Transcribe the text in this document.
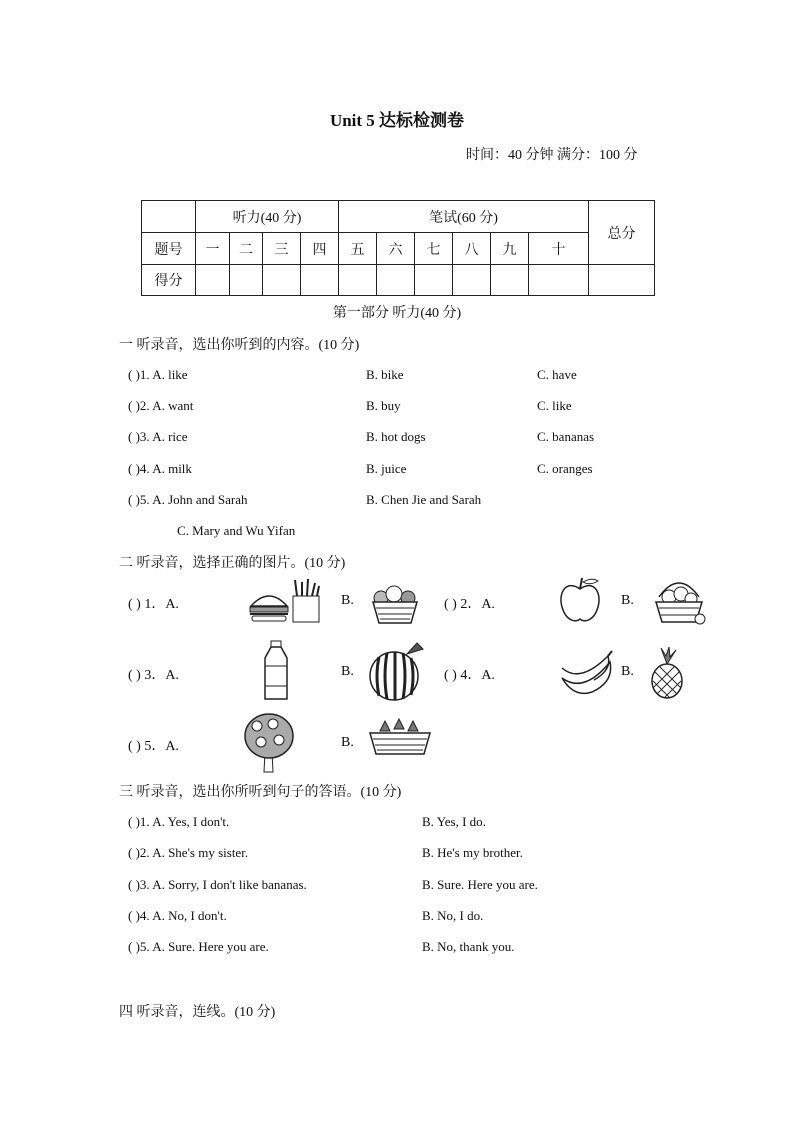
Unit 5 达标检测卷
时间：40 分钟 满分：100 分
	听力(40 分)				笔试(60 分)						总分
题号	一	二	三	四	五	六	七	八	九	十	
得分											
第一部分 听力(40 分)
一 听录音，选出你听到的内容。(10 分)
( )1. A. like	B. bike	C. have
( )2. A. want	B. buy	C. like
( )3. A. rice	B. hot dogs	C. bananas
( )4. A. milk	B. juice	C. oranges
( )5. A. John and Sarah	B. Chen Jie and Sarah
C. Mary and Wu Yifan
二 听录音，选择正确的图片。(10 分)
( ) 1．A.	B.	( ) 2．A.	B.
( ) 3．A.	B.	( ) 4．A.	B.
( ) 5．A.	B.
三 听录音，选出你所听到句子的答语。(10 分)
( )1. A. Yes, I don't.	B. Yes, I do.
( )2. A. She's my sister.	B. He's my brother.
( )3. A. Sorry, I don't like bananas.	B. Sure. Here you are.
( )4. A. No, I don't.	B. No, I do.
( )5. A. Sure. Here you are.	B. No, thank you.
四 听录音，连线。(10 分)
